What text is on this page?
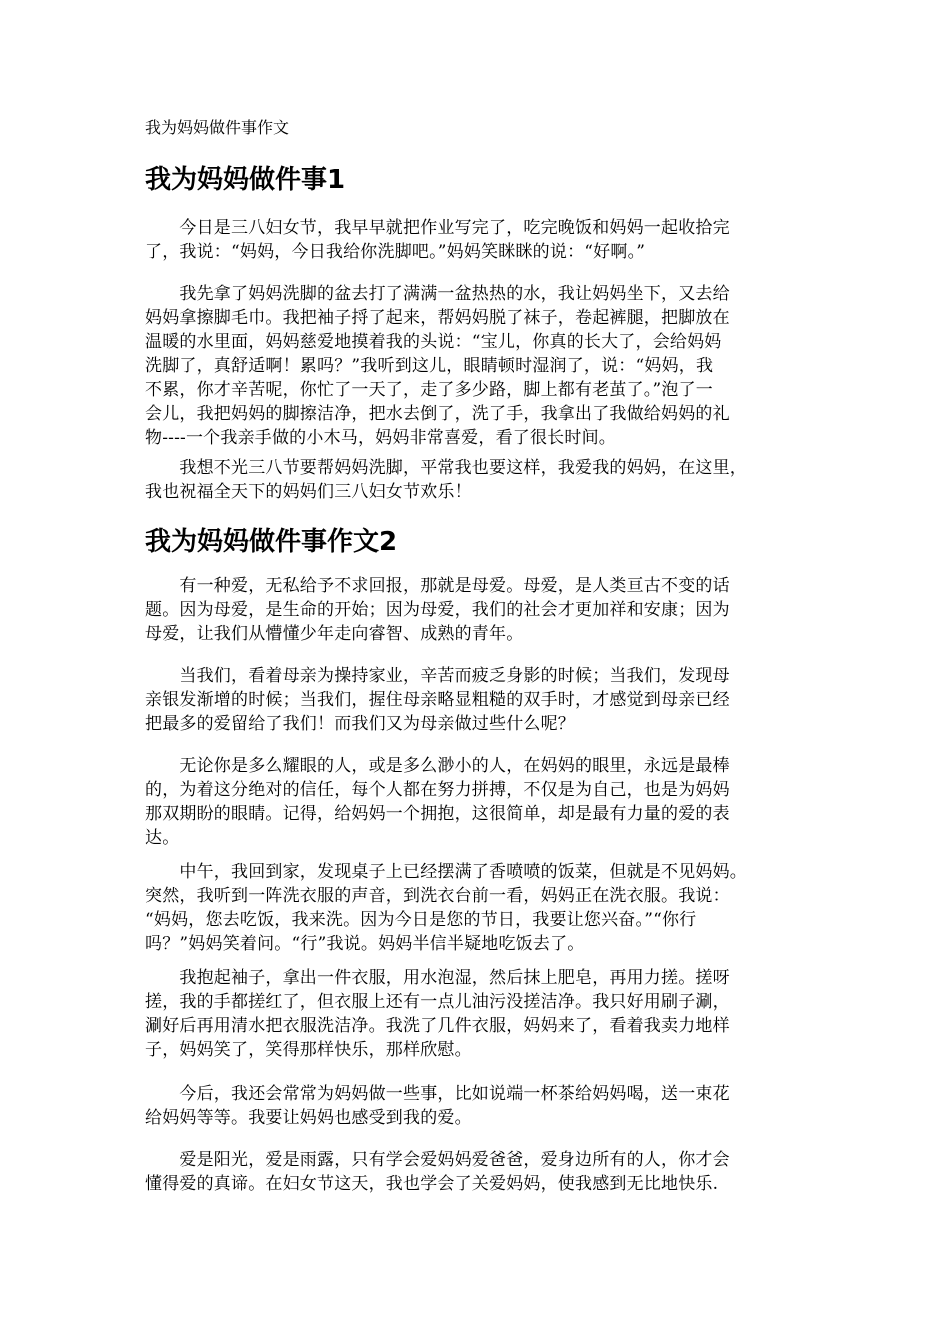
我为妈妈做件事作文
我为妈妈做件事1
　　今日是三八妇女节，我早早就把作业写完了，吃完晚饭和妈妈一起收拾完
了，我说：“妈妈，今日我给你洗脚吧。”妈妈笑眯眯的说：“好啊。”
　　我先拿了妈妈洗脚的盆去打了满满一盆热热的水，我让妈妈坐下，又去给
妈妈拿擦脚毛巾。我把袖子捋了起来，帮妈妈脱了袜子，卷起裤腿，把脚放在
温暖的水里面，妈妈慈爱地摸着我的头说：“宝儿，你真的长大了，会给妈妈
洗脚了，真舒适啊！累吗？”我听到这儿，眼睛顿时湿润了，说：“妈妈，我
不累，你才辛苦呢，你忙了一天了，走了多少路，脚上都有老茧了。”泡了一
会儿，我把妈妈的脚擦洁净，把水去倒了，洗了手，我拿出了我做给妈妈的礼
物----一个我亲手做的小木马，妈妈非常喜爱，看了很长时间。
　　我想不光三八节要帮妈妈洗脚，平常我也要这样，我爱我的妈妈，在这里，
我也祝福全天下的妈妈们三八妇女节欢乐！
我为妈妈做件事作文2
　　有一种爱，无私给予不求回报，那就是母爱。母爱，是人类亘古不变的话
题。因为母爱，是生命的开始；因为母爱，我们的社会才更加祥和安康；因为
母爱，让我们从懵懂少年走向睿智、成熟的青年。
　　当我们，看着母亲为操持家业，辛苦而疲乏身影的时候；当我们，发现母
亲银发渐增的时候；当我们，握住母亲略显粗糙的双手时，才感觉到母亲已经
把最多的爱留给了我们！而我们又为母亲做过些什么呢？
　　无论你是多么耀眼的人，或是多么渺小的人，在妈妈的眼里，永远是最棒
的，为着这分绝对的信任，每个人都在努力拼搏，不仅是为自己，也是为妈妈
那双期盼的眼睛。记得，给妈妈一个拥抱，这很简单，却是最有力量的爱的表
达。
　　中午，我回到家，发现桌子上已经摆满了香喷喷的饭菜，但就是不见妈妈。
突然，我听到一阵洗衣服的声音，到洗衣台前一看，妈妈正在洗衣服。我说：
“妈妈，您去吃饭，我来洗。因为今日是您的节日，我要让您兴奋。”“你行
吗？”妈妈笑着问。“行”我说。妈妈半信半疑地吃饭去了。
　　我抱起袖子，拿出一件衣服，用水泡湿，然后抹上肥皂，再用力搓。搓呀
搓，我的手都搓红了，但衣服上还有一点儿油污没搓洁净。我只好用刷子涮，
涮好后再用清水把衣服洗洁净。我洗了几件衣服，妈妈来了，看着我卖力地样
子，妈妈笑了，笑得那样快乐，那样欣慰。
　　今后，我还会常常为妈妈做一些事，比如说端一杯茶给妈妈喝，送一束花
给妈妈等等。我要让妈妈也感受到我的爱。
　　爱是阳光，爱是雨露，只有学会爱妈妈爱爸爸，爱身边所有的人，你才会
懂得爱的真谛。在妇女节这天，我也学会了关爱妈妈，使我感到无比地快乐.
